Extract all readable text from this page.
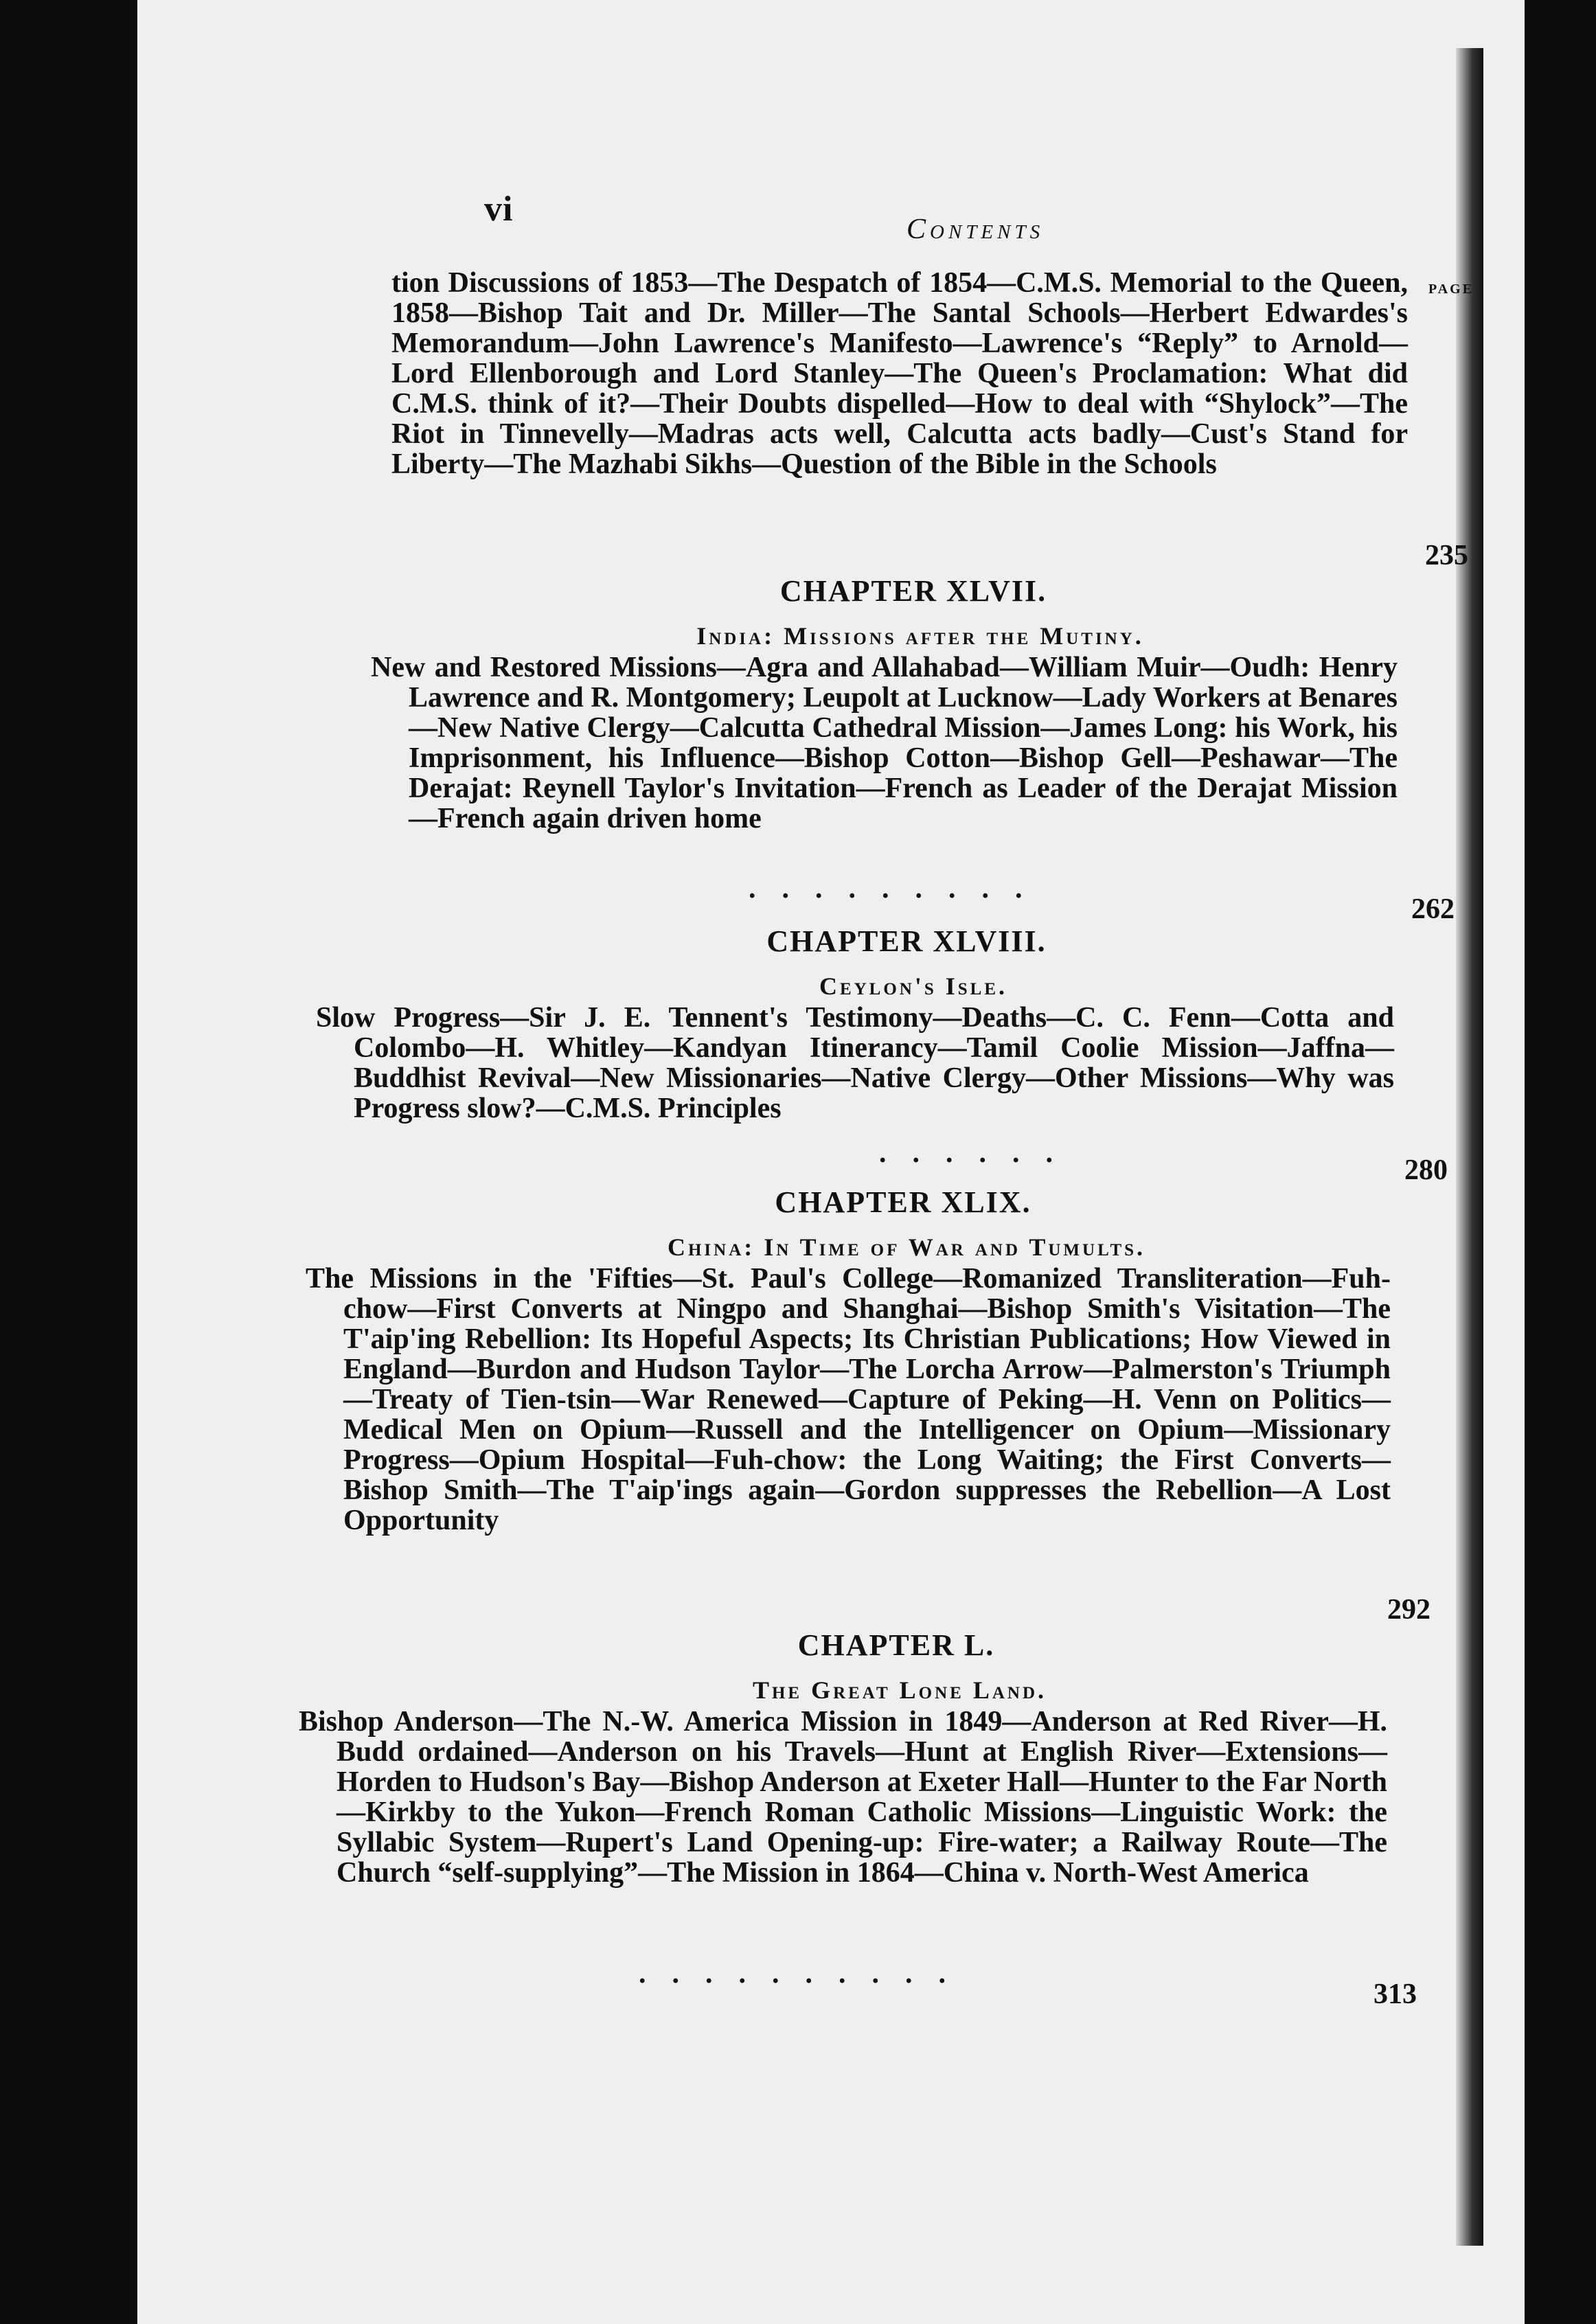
vi
Contents
PAGE

tion Discussions of 1853—The Despatch of 1854—C.M.S. Memorial to the Queen, 1858—Bishop Tait and Dr. Miller—The Santal Schools—Herbert Edwardes's Memorandum—John Lawrence's Manifesto—Lawrence's “Reply” to Arnold—Lord Ellenborough and Lord Stanley—The Queen's Proclamation: What did C.M.S. think of it?—Their Doubts dispelled—How to deal with “Shylock”—The Riot in Tinnevelly—Madras acts well, Calcutta acts badly—Cust's Stand for Liberty—The Mazhabi Sikhs—Question of the Bible in the Schools

235
CHAPTER XLVII.
India: Missions after the Mutiny.

New and Restored Missions—Agra and Allahabad—William Muir—Oudh: Henry Lawrence and R. Montgomery; Leupolt at Lucknow—Lady Workers at Benares—New Native Clergy—Calcutta Cathedral Mission—James Long: his Work, his Imprisonment, his Influence—Bishop Cotton—Bishop Gell—Peshawar—The Derajat: Reynell Taylor's Invitation—French as Leader of the Derajat Mission—French again driven home

.........
262
CHAPTER XLVIII.
Ceylon's Isle.

Slow Progress—Sir J. E. Tennent's Testimony—Deaths—C. C. Fenn—Cotta and Colombo—H. Whitley—Kandyan Itinerancy—Tamil Coolie Mission—Jaffna—Buddhist Revival—New Missionaries—Native Clergy—Other Missions—Why was Progress slow?—C.M.S. Principles

......
280
CHAPTER XLIX.
China: In Time of War and Tumults.

The Missions in the 'Fifties—St. Paul's College—Romanized Transliteration—Fuh-chow—First Converts at Ningpo and Shanghai—Bishop Smith's Visitation—The T'aip'ing Rebellion: Its Hopeful Aspects; Its Christian Publications; How Viewed in England—Burdon and Hudson Taylor—The Lorcha Arrow—Palmerston's Triumph—Treaty of Tien-tsin—War Renewed—Capture of Peking—H. Venn on Politics—Medical Men on Opium—Russell and the Intelligencer on Opium—Missionary Progress—Opium Hospital—Fuh-chow: the Long Waiting; the First Converts—Bishop Smith—The T'aip'ings again—Gordon suppresses the Rebellion—A Lost Opportunity

292
CHAPTER L.
The Great Lone Land.

Bishop Anderson—The N.-W. America Mission in 1849—Anderson at Red River—H. Budd ordained—Anderson on his Travels—Hunt at English River—Extensions—Horden to Hudson's Bay—Bishop Anderson at Exeter Hall—Hunter to the Far North—Kirkby to the Yukon—French Roman Catholic Missions—Linguistic Work: the Syllabic System—Rupert's Land Opening-up: Fire-water; a Railway Route—The Church “self-supplying”—The Mission in 1864—China v. North-West America

..........
313
